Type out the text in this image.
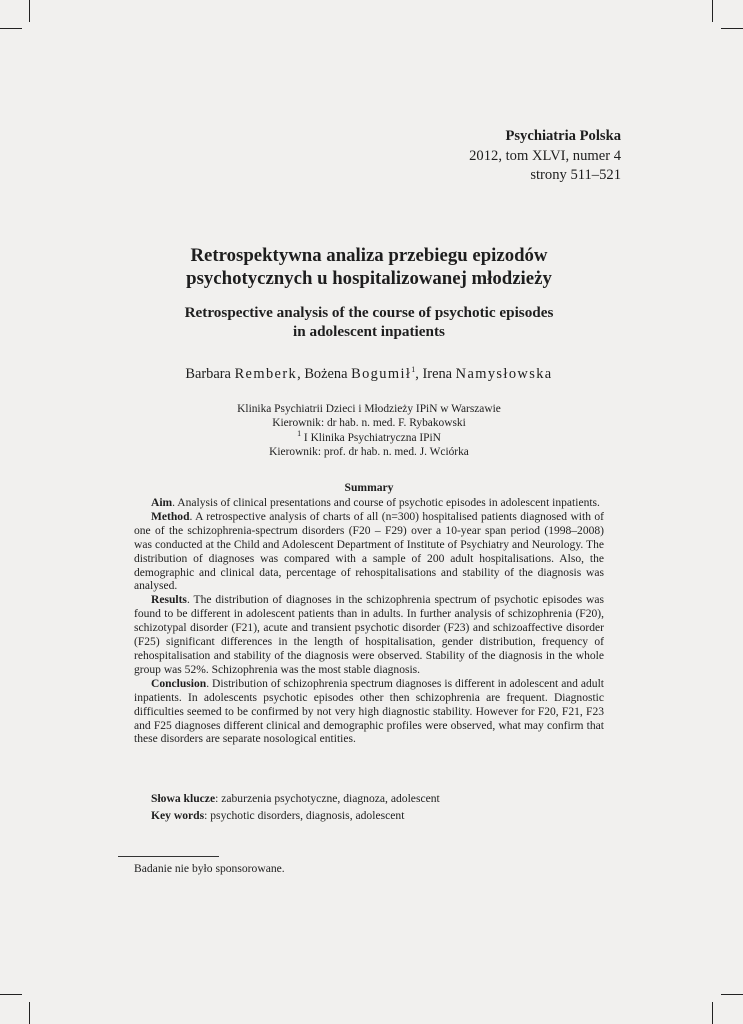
Psychiatria Polska
2012, tom XLVI, numer 4
strony 511–521
Retrospektywna analiza przebiegu epizodów
psychotycznych u hospitalizowanej młodzieży
Retrospective analysis of the course of psychotic episodes
in adolescent inpatients
Barbara Remberk, Bożena Bogumił$^1$, Irena Namysłowska
Klinika Psychiatrii Dzieci i Młodzieży IPiN w Warszawie
Kierownik: dr hab. n. med. F. Rybakowski
$^1$ I Klinika Psychiatryczna IPiN
Kierownik: prof. dr hab. n. med. J. Wciórka
Summary

Aim. Analysis of clinical presentations and course of psychotic episodes in adolescent inpatients.

Method. A retrospective analysis of charts of all (n=300) hospitalised patients diagnosed with of one of the schizophrenia-spectrum disorders (F20 – F29) over a 10-year span period (1998–2008) was conducted at the Child and Adolescent Department of Institute of Psychiatry and Neurology. The distribution of diagnoses was compared with a sample of 200 adult hospitalisations. Also, the demographic and clinical data, percentage of rehospitalisations and stability of the diagnosis was analysed.

Results. The distribution of diagnoses in the schizophrenia spectrum of psychotic episodes was found to be different in adolescent patients than in adults. In further analysis of schizophrenia (F20), schizotypal disorder (F21), acute and transient psychotic disorder (F23) and schizoaffective disorder (F25) significant differences in the length of hospitalisation, gender distribution, frequency of rehospitalisation and stability of the diagnosis were observed. Stability of the diagnosis in the whole group was 52%. Schizophrenia was the most stable diagnosis.

Conclusion. Distribution of schizophrenia spectrum diagnoses is different in adolescent and adult inpatients. In adolescents psychotic episodes other then schizophrenia are frequent. Diagnostic difficulties seemed to be confirmed by not very high diagnostic stability. However for F20, F21, F23 and F25 diagnoses different clinical and demographic profiles were observed, what may confirm that these disorders are separate nosological entities.

Słowa klucze: zaburzenia psychotyczne, diagnoza, adolescent
Key words: psychotic disorders, diagnosis, adolescent
Badanie nie było sponsorowane.
